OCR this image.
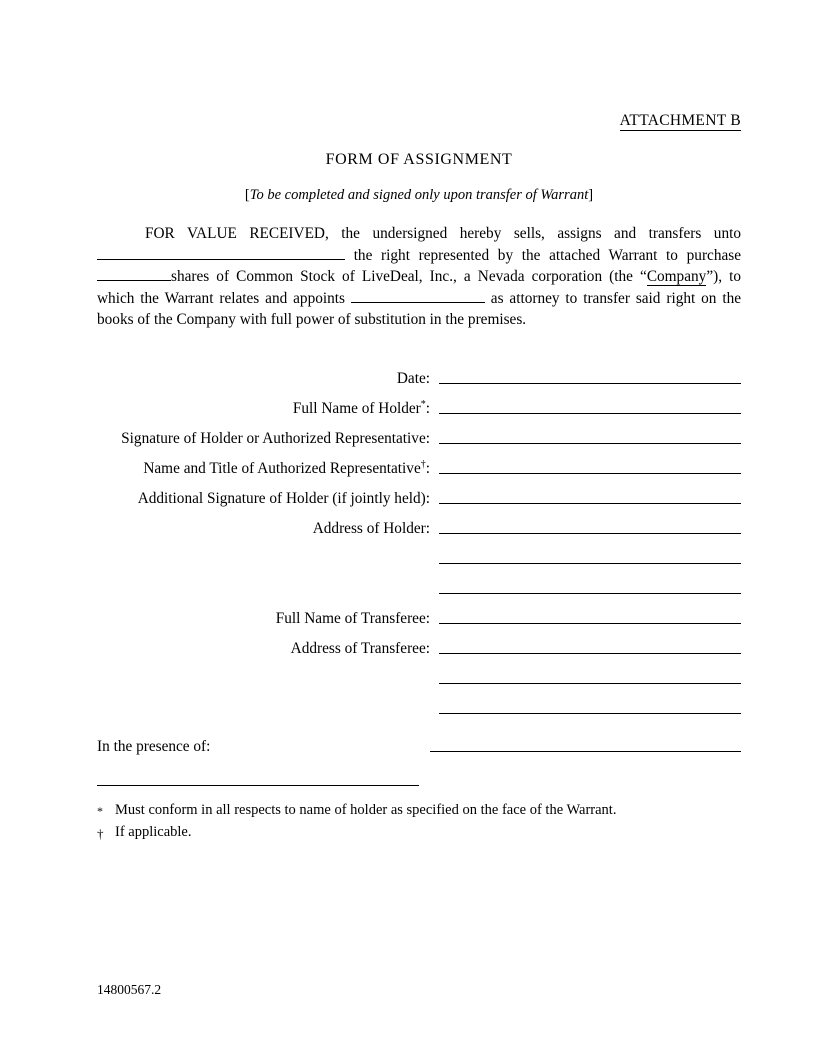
ATTACHMENT B
FORM OF ASSIGNMENT
[To be completed and signed only upon transfer of Warrant]
FOR VALUE RECEIVED, the undersigned hereby sells, assigns and transfers unto  the right represented by the attached Warrant to purchase shares of Common Stock of LiveDeal, Inc., a Nevada corporation (the “Company”), to which the Warrant relates and appoints	as attorney to transfer said right on the books of the Company with full power of substitution in the premises.
Date:
Full Name of Holder*:
Signature of Holder or Authorized Representative:
Name and Title of Authorized Representative†:
Additional Signature of Holder (if jointly held):
Address of Holder:
Full Name of Transferee:
Address of Transferee:
In the presence of:
* Must conform in all respects to name of holder as specified on the face of the Warrant.
† If applicable.
14800567.2
